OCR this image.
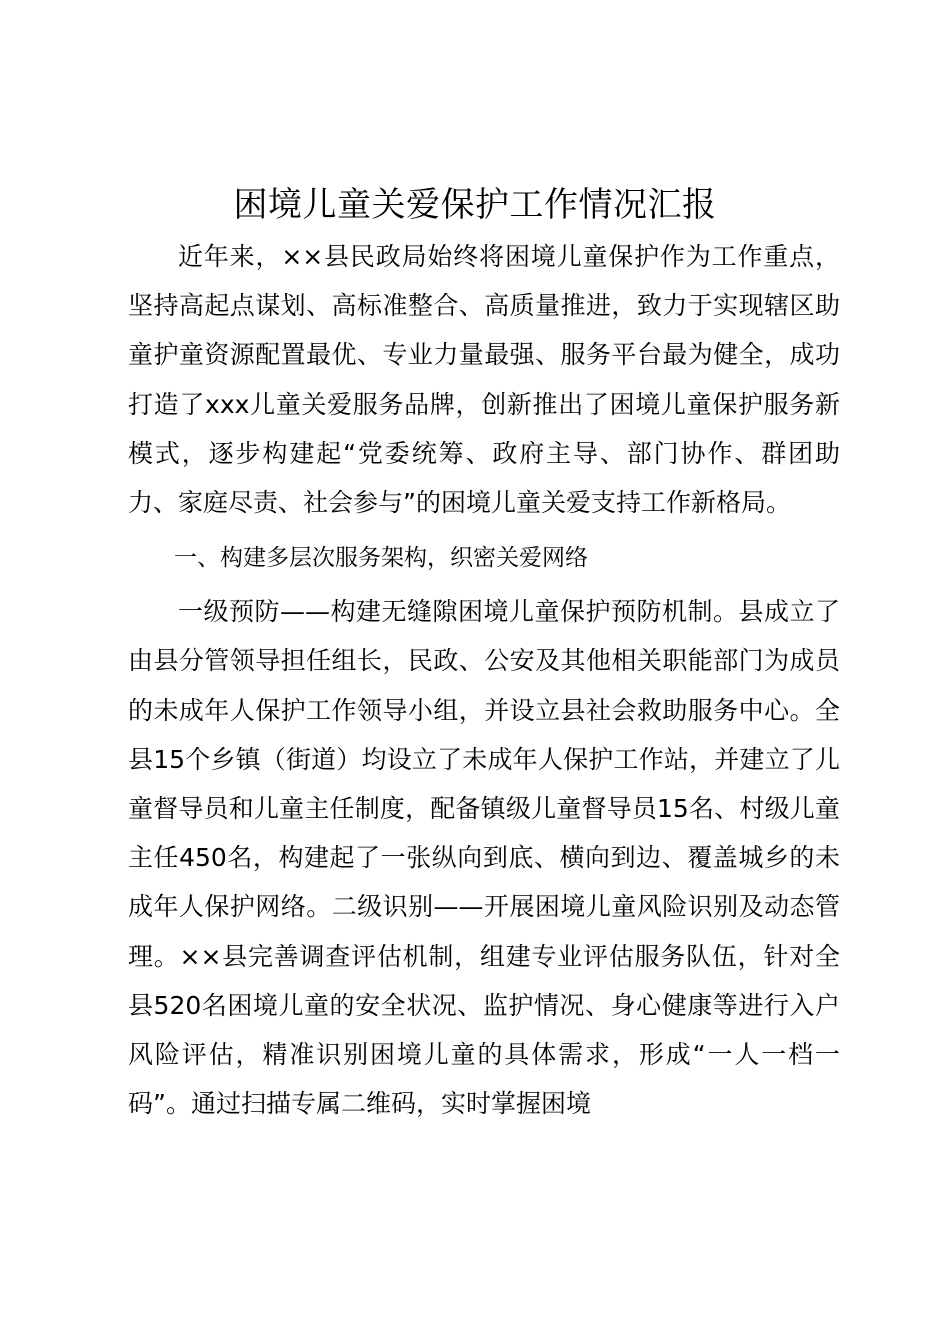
困境儿童关爱保护工作情况汇报

近年来，××县民政局始终将困境儿童保护作为工作重点，坚持高起点谋划、高标准整合、高质量推进，致力于实现辖区助童护童资源配置最优、专业力量最强、服务平台最为健全，成功打造了xxx儿童关爱服务品牌，创新推出了困境儿童保护服务新模式，逐步构建起“党委统筹、政府主导、部门协作、群团助力、家庭尽责、社会参与”的困境儿童关爱支持工作新格局。

一、构建多层次服务架构，织密关爱网络

一级预防——构建无缝隙困境儿童保护预防机制。县成立了由县分管领导担任组长，民政、公安及其他相关职能部门为成员的未成年人保护工作领导小组，并设立县社会救助服务中心。全县15个乡镇（街道）均设立了未成年人保护工作站，并建立了儿童督导员和儿童主任制度，配备镇级儿童督导员15名、村级儿童主任450名，构建起了一张纵向到底、横向到边、覆盖城乡的未成年人保护网络。二级识别——开展困境儿童风险识别及动态管理。××县完善调查评估机制，组建专业评估服务队伍，针对全县520名困境儿童的安全状况、监护情况、身心健康等进行入户风险评估，精准识别困境儿童的具体需求，形成“一人一档一码”。通过扫描专属二维码，实时掌握困境
